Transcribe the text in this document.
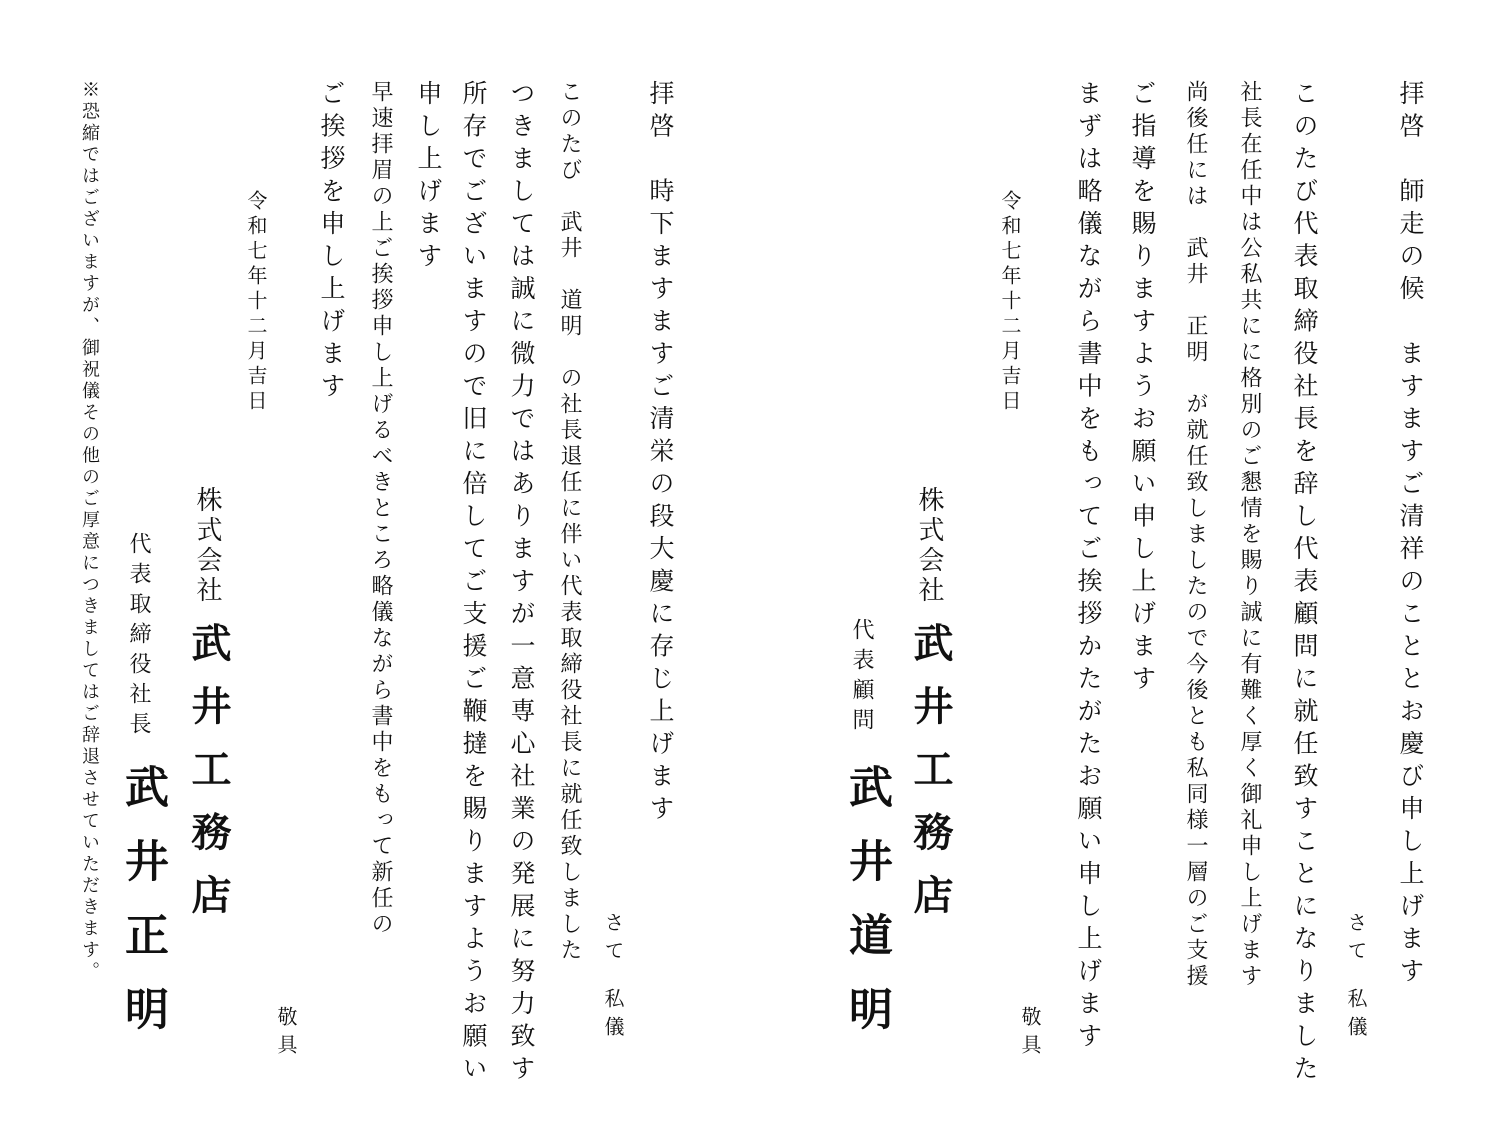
拝啓　師走の候　ますますご清祥のこととお慶び申し上げます
さて
私儀
このたび代表取締役社長を辞し代表顧問に就任致すことになりました
社長在任中は公私共にに格別のご懇情を賜り誠に有難く厚く御礼申し上げます
尚後任には　武井　正明　が就任致しましたので今後とも私同様一層のご支援
ご指導を賜りますようお願い申し上げます
まずは略儀ながら書中をもってご挨拶かたがたお願い申し上げます
令和七年十二月吉日
株式会社
武井工務店
代表顧問
武井道明	敬具
拝啓　時下ますますご清栄の段大慶に存じ上げます
さて
私儀
このたび　武井　道明　の社長退任に伴い代表取締役社長に就任致しました
つきましては誠に微力ではありますが一意専心社業の発展に努力致す
所存でございますので旧に倍してご支援ご鞭撻を賜りますようお願い
申し上げます
早速拝眉の上ご挨拶申し上げるべきところ略儀ながら書中をもって新任の
ご挨拶を申し上げます
令和七年十二月吉日
株式会社
武井工務店
代表取締役社長
武井正明	敬具
※恐縮ではございますが、御祝儀その他のご厚意につきましてはご辞退させていただきます。
